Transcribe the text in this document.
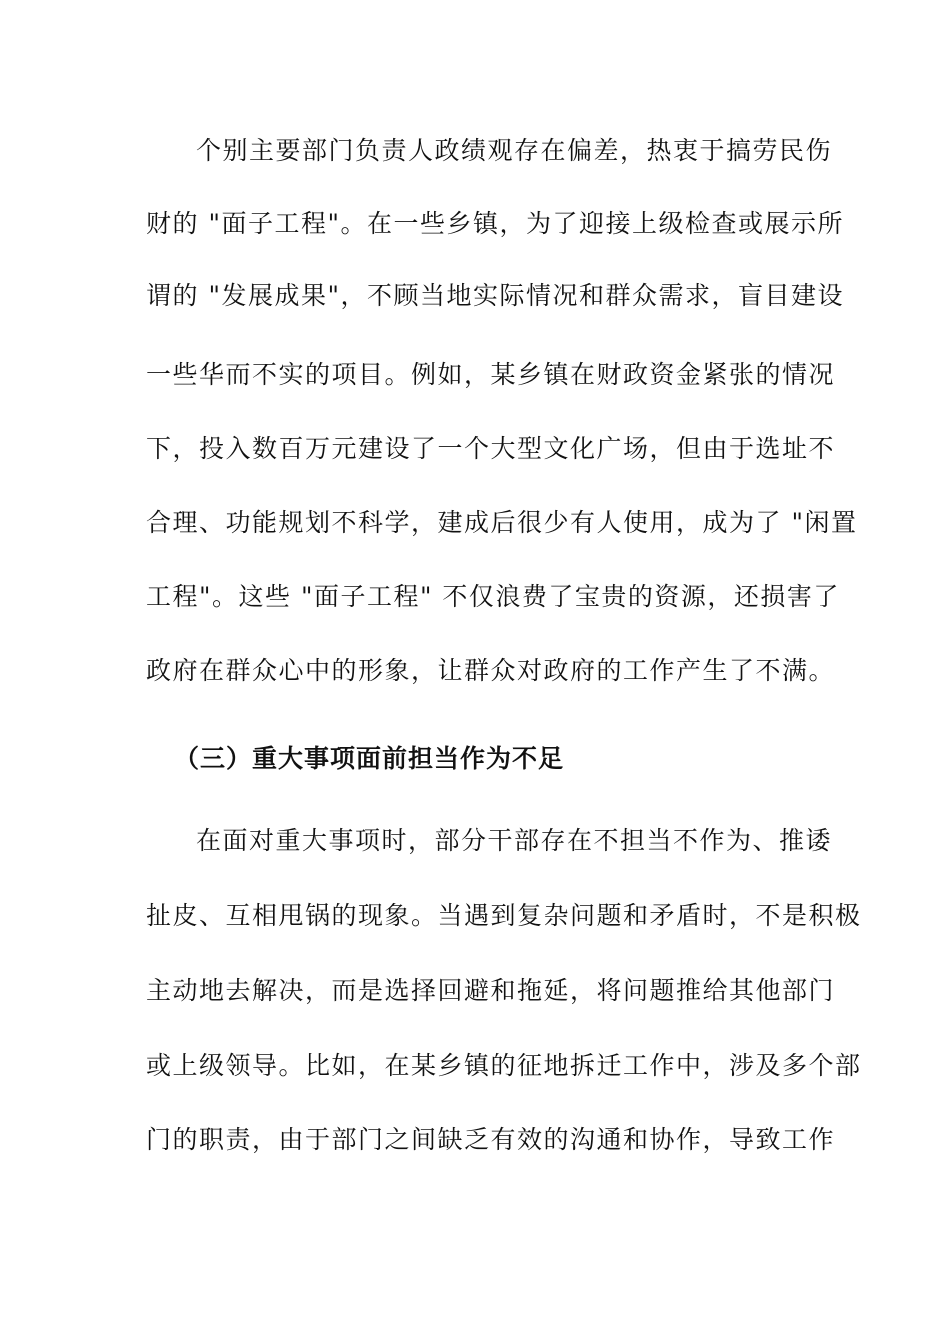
个别主要部门负责人政绩观存在偏差，热衷于搞劳民伤
财的 "面子工程"。在一些乡镇，为了迎接上级检查或展示所
谓的 "发展成果"，不顾当地实际情况和群众需求，盲目建设
一些华而不实的项目。例如，某乡镇在财政资金紧张的情况
下，投入数百万元建设了一个大型文化广场，但由于选址不
合理、功能规划不科学，建成后很少有人使用，成为了 "闲置
工程"。这些 "面子工程" 不仅浪费了宝贵的资源，还损害了
政府在群众心中的形象，让群众对政府的工作产生了不满。
（三）重大事项面前担当作为不足
在面对重大事项时，部分干部存在不担当不作为、推诿
扯皮、互相甩锅的现象。当遇到复杂问题和矛盾时，不是积极
主动地去解决，而是选择回避和拖延，将问题推给其他部门
或上级领导。比如，在某乡镇的征地拆迁工作中，涉及多个部
门的职责，由于部门之间缺乏有效的沟通和协作，导致工作
